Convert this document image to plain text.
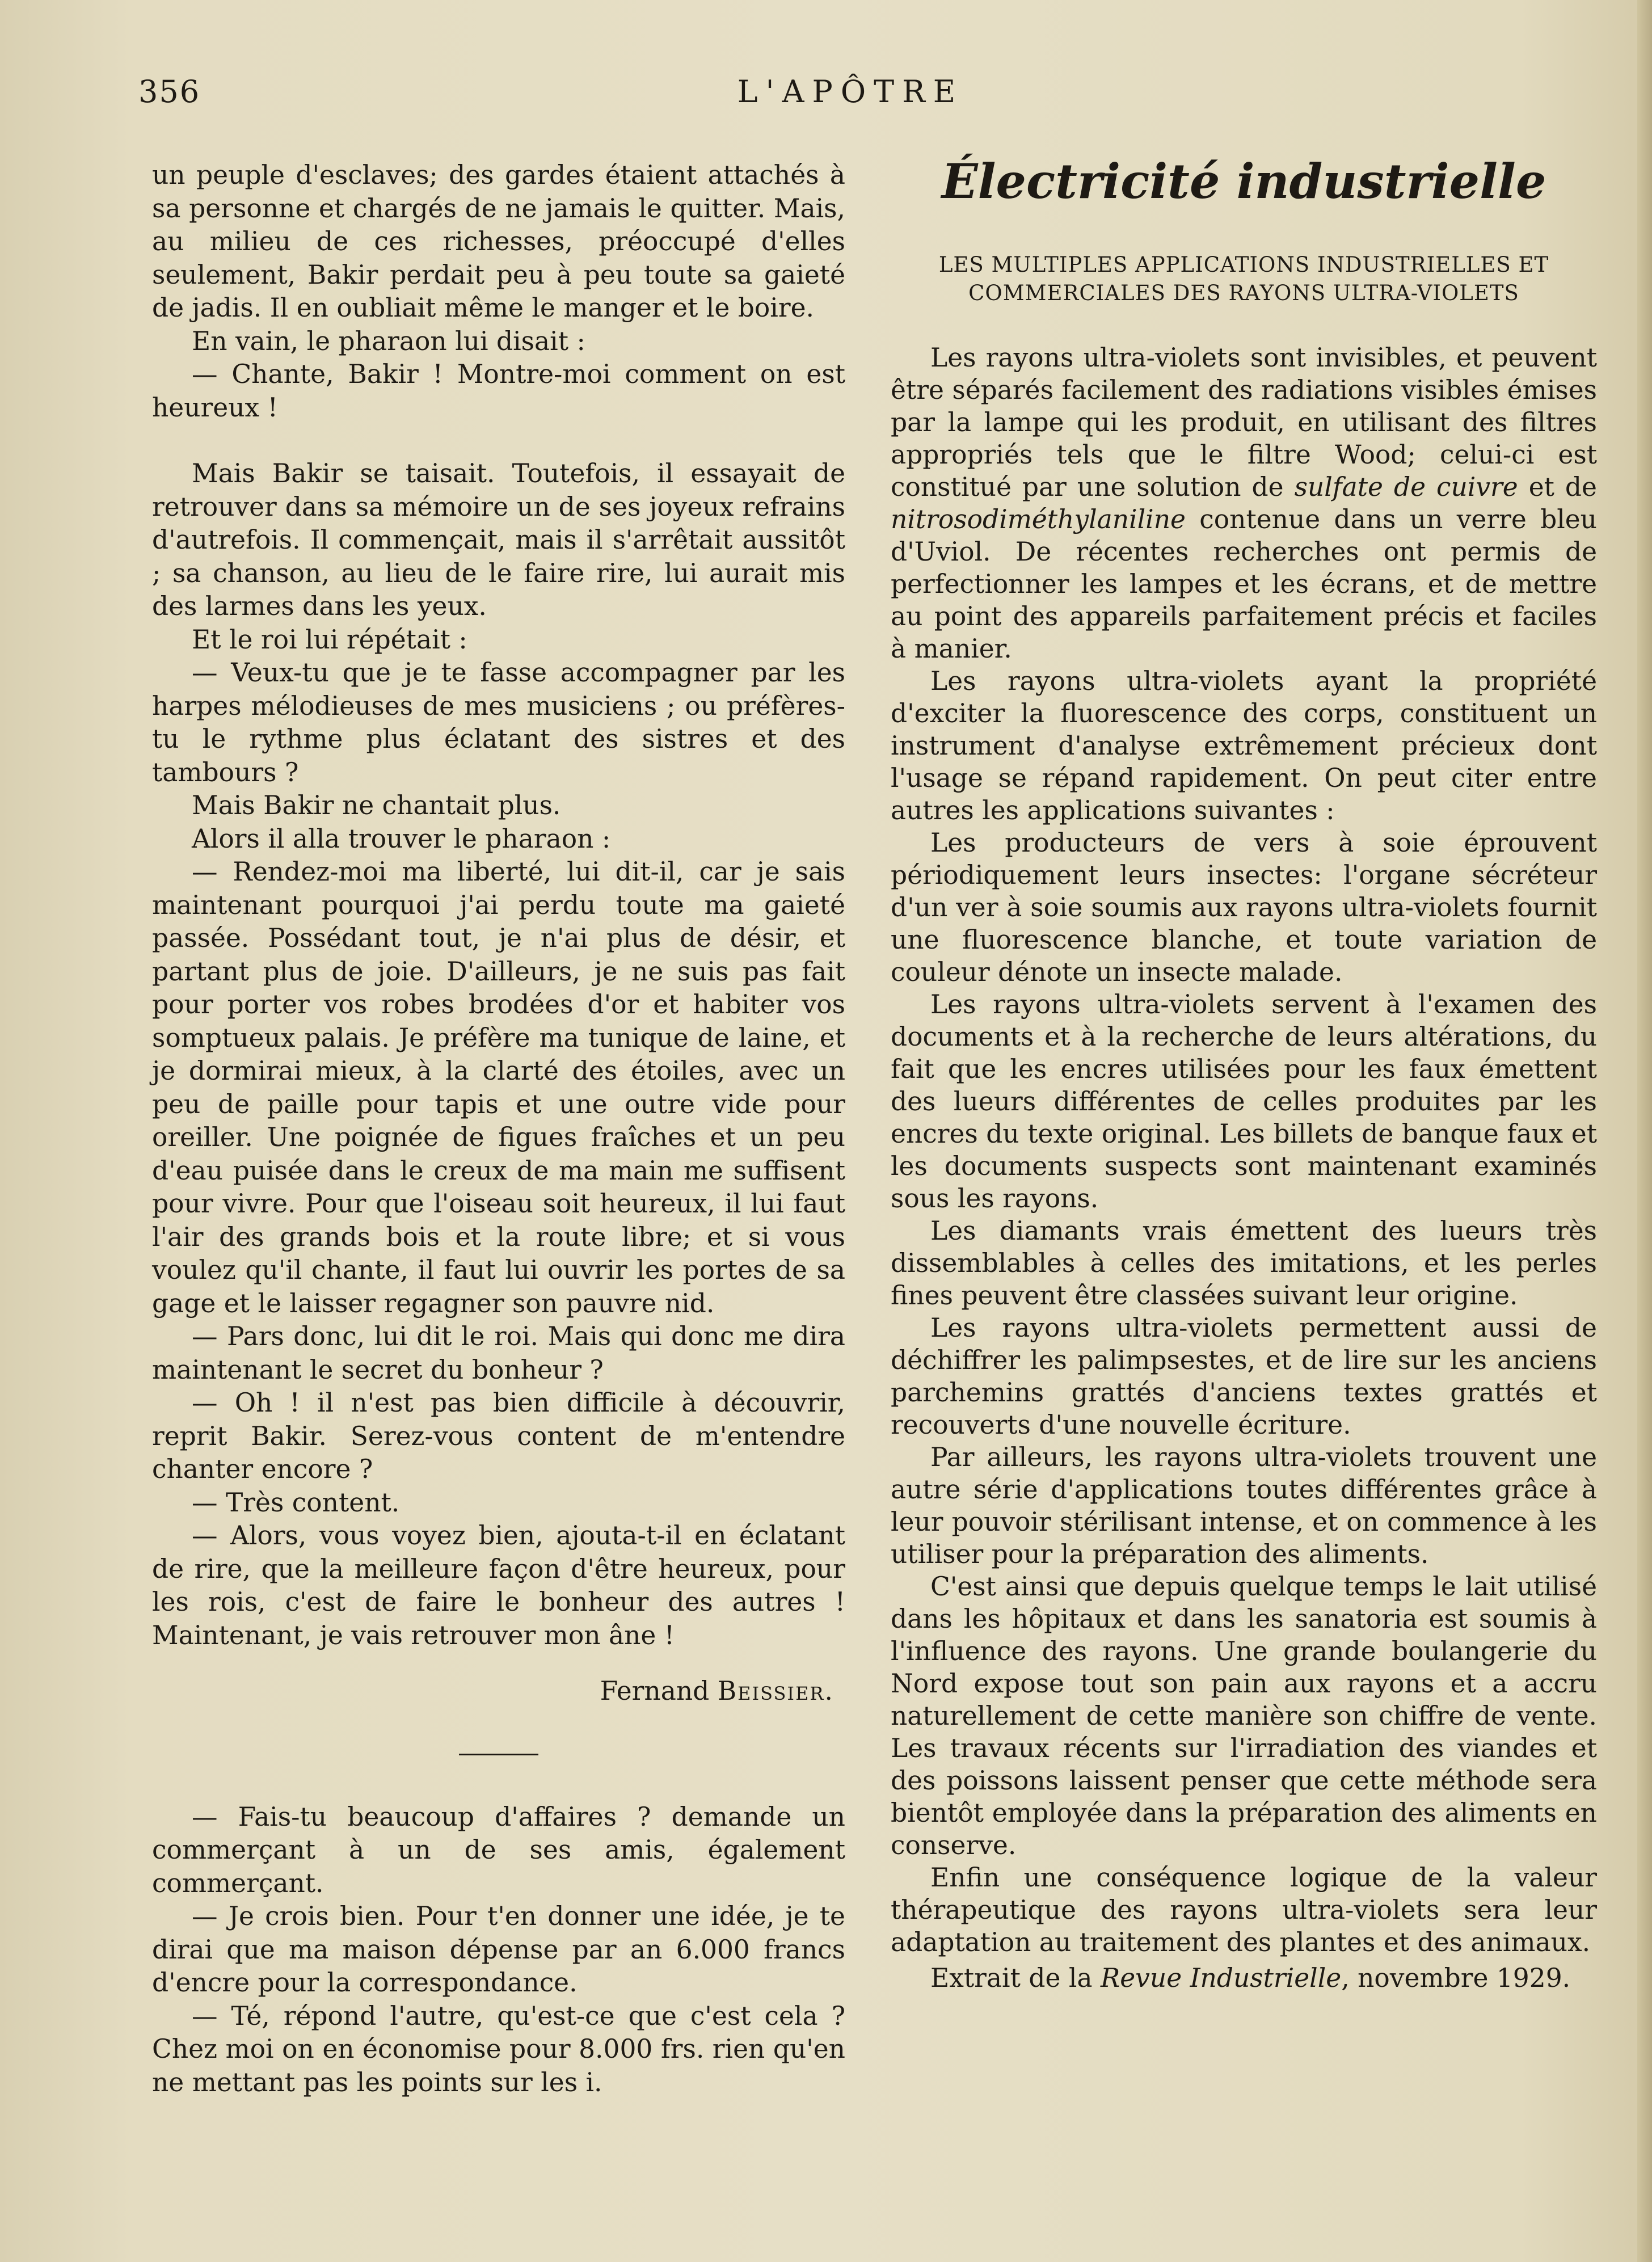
L'APÔTRE
356

un peuple d'esclaves; des gardes étaient attachés à sa personne et chargés de ne jamais le quitter. Mais, au milieu de ces richesses, préoccupé d'elles seulement, Bakir perdait peu à peu toute sa gaieté de jadis. Il en oubliait même le manger et le boire.

En vain, le pharaon lui disait :

— Chante, Bakir ! Montre-moi comment on est heureux !

Mais Bakir se taisait. Toutefois, il essayait de retrouver dans sa mémoire un de ses joyeux refrains d'autrefois. Il commençait, mais il s'arrêtait aussitôt ; sa chanson, au lieu de le faire rire, lui aurait mis des larmes dans les yeux.

Et le roi lui répétait :

— Veux-tu que je te fasse accompagner par les harpes mélodieuses de mes musiciens ; ou préfères-tu le rythme plus éclatant des sistres et des tambours ?

Mais Bakir ne chantait plus.

Alors il alla trouver le pharaon :

— Rendez-moi ma liberté, lui dit-il, car je sais maintenant pourquoi j'ai perdu toute ma gaieté passée. Possédant tout, je n'ai plus de désir, et partant plus de joie. D'ailleurs, je ne suis pas fait pour porter vos robes brodées d'or et habiter vos somptueux palais. Je préfère ma tunique de laine, et je dormirai mieux, à la clarté des étoiles, avec un peu de paille pour tapis et une outre vide pour oreiller. Une poignée de figues fraîches et un peu d'eau puisée dans le creux de ma main me suffisent pour vivre. Pour que l'oiseau soit heureux, il lui faut l'air des grands bois et la route libre; et si vous voulez qu'il chante, il faut lui ouvrir les portes de sa gage et le laisser regagner son pauvre nid.

— Pars donc, lui dit le roi. Mais qui donc me dira maintenant le secret du bonheur ?

— Oh ! il n'est pas bien difficile à découvrir, reprit Bakir. Serez-vous content de m'entendre chanter encore ?

— Très content.

— Alors, vous voyez bien, ajouta-t-il en éclatant de rire, que la meilleure façon d'être heureux, pour les rois, c'est de faire le bonheur des autres ! Maintenant, je vais retrouver mon âne !

Fernand Beissier.

— Fais-tu beaucoup d'affaires ? demande un commerçant à un de ses amis, également commerçant.

— Je crois bien. Pour t'en donner une idée, je te dirai que ma maison dépense par an 6.000 francs d'encre pour la correspondance.

— Té, répond l'autre, qu'est-ce que c'est cela ? Chez moi on en économise pour 8.000 frs. rien qu'en ne mettant pas les points sur les i.

Électricité industrielle
LES MULTIPLES APPLICATIONS INDUSTRIELLES ET COMMERCIALES DES RAYONS ULTRA-VIOLETS

Les rayons ultra-violets sont invisibles, et peuvent être séparés facilement des radiations visibles émises par la lampe qui les produit, en utilisant des filtres appropriés tels que le filtre Wood; celui-ci est constitué par une solution de sulfate de cuivre et de nitrosodiméthylaniline contenue dans un verre bleu d'Uviol. De récentes recherches ont permis de perfectionner les lampes et les écrans, et de mettre au point des appareils parfaitement précis et faciles à manier.

Les rayons ultra-violets ayant la propriété d'exciter la fluorescence des corps, constituent un instrument d'analyse extrêmement précieux dont l'usage se répand rapidement. On peut citer entre autres les applications suivantes :

Les producteurs de vers à soie éprouvent périodiquement leurs insectes: l'organe sécréteur d'un ver à soie soumis aux rayons ultra-violets fournit une fluorescence blanche, et toute variation de couleur dénote un insecte malade.

Les rayons ultra-violets servent à l'examen des documents et à la recherche de leurs altérations, du fait que les encres utilisées pour les faux émettent des lueurs différentes de celles produites par les encres du texte original. Les billets de banque faux et les documents suspects sont maintenant examinés sous les rayons.

Les diamants vrais émettent des lueurs très dissemblables à celles des imitations, et les perles fines peuvent être classées suivant leur origine.

Les rayons ultra-violets permettent aussi de déchiffrer les palimpsestes, et de lire sur les anciens parchemins grattés d'anciens textes grattés et recouverts d'une nouvelle écriture.

Par ailleurs, les rayons ultra-violets trouvent une autre série d'applications toutes différentes grâce à leur pouvoir stérilisant intense, et on commence à les utiliser pour la préparation des aliments.

C'est ainsi que depuis quelque temps le lait utilisé dans les hôpitaux et dans les sanatoria est soumis à l'influence des rayons. Une grande boulangerie du Nord expose tout son pain aux rayons et a accru naturellement de cette manière son chiffre de vente. Les travaux récents sur l'irradiation des viandes et des poissons laissent penser que cette méthode sera bientôt employée dans la préparation des aliments en conserve.

Enfin une conséquence logique de la valeur thérapeutique des rayons ultra-violets sera leur adaptation au traitement des plantes et des animaux.

Extrait de la Revue Industrielle, novembre 1929.
